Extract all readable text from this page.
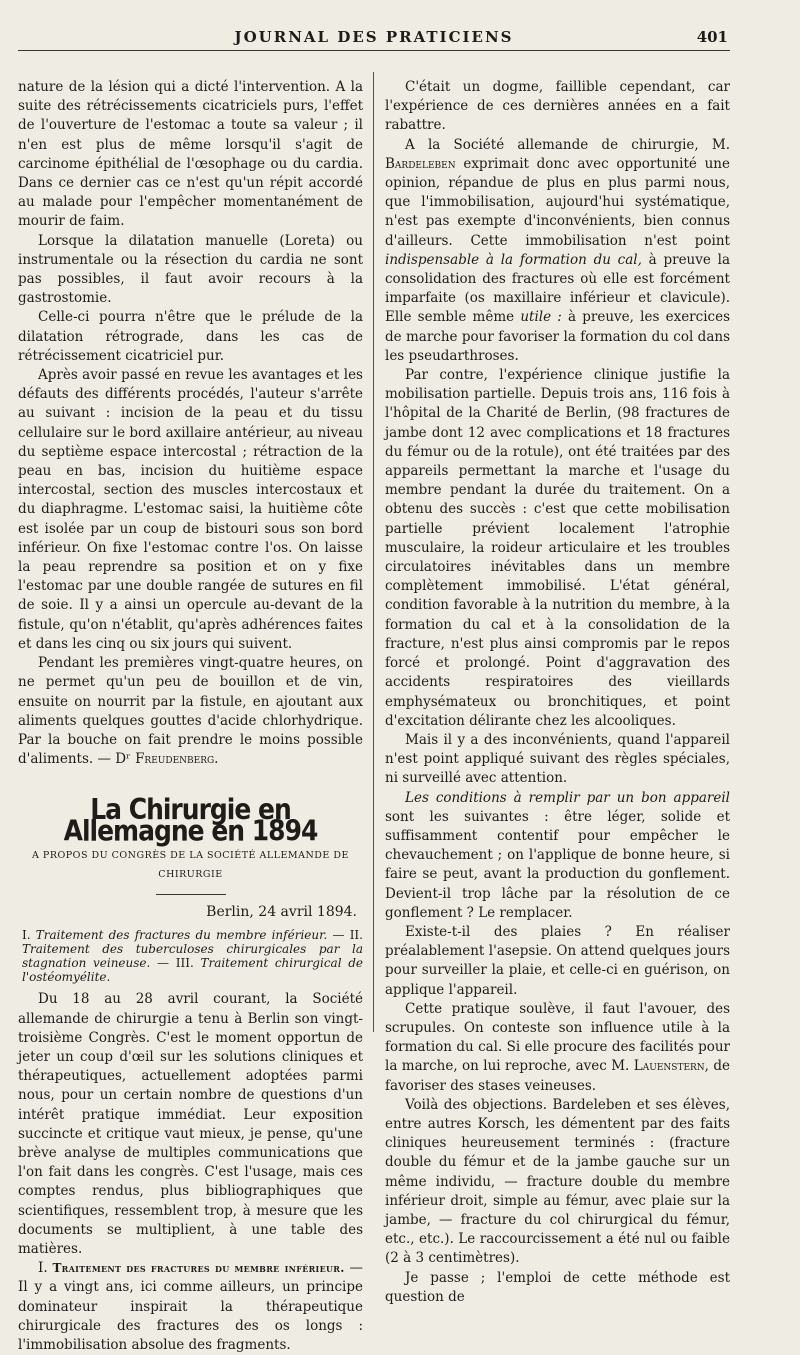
JOURNAL DES PRATICIENS	401

nature de la lésion qui a dicté l'intervention. A la suite des rétrécissements cicatriciels purs, l'effet de l'ouverture de l'estomac a toute sa valeur ; il n'en est plus de même lorsqu'il s'agit de carcinome épithélial de l'œsophage ou du cardia. Dans ce dernier cas ce n'est qu'un répit accordé au malade pour l'empêcher momentanément de mourir de faim.

Lorsque la dilatation manuelle (Loreta) ou instrumentale ou la résection du cardia ne sont pas possibles, il faut avoir recours à la gastrostomie.

Celle-ci pourra n'être que le prélude de la dilatation rétrograde, dans les cas de rétrécissement cicatriciel pur.

Après avoir passé en revue les avantages et les défauts des différents procédés, l'auteur s'arrête au suivant : incision de la peau et du tissu cellulaire sur le bord axillaire antérieur, au niveau du septième espace intercostal ; rétraction de la peau en bas, incision du huitième espace intercostal, section des muscles intercostaux et du diaphragme. L'estomac saisi, la huitième côte est isolée par un coup de bistouri sous son bord inférieur. On fixe l'estomac contre l'os. On laisse la peau reprendre sa position et on y fixe l'estomac par une double rangée de sutures en fil de soie. Il y a ainsi un opercule au-devant de la fistule, qu'on n'établit, qu'après adhérences faites et dans les cinq ou six jours qui suivent.

Pendant les premières vingt-quatre heures, on ne permet qu'un peu de bouillon et de vin, ensuite on nourrit par la fistule, en ajoutant aux aliments quelques gouttes d'acide chlorhydrique. Par la bouche on fait prendre le moins possible d'aliments. — Dʳ Freudenberg.

La Chirurgie en Allemagne en 1894
A PROPOS DU CONGRÈS DE LA SOCIÉTÉ ALLEMANDE DE CHIRURGIE
Berlin, 24 avril 1894.
I. Traitement des fractures du membre inférieur. — II. Traitement des tuberculoses chirurgicales par la stagnation veineuse. — III. Traitement chirurgical de l'ostéomyélite.

Du 18 au 28 avril courant, la Société allemande de chirurgie a tenu à Berlin son vingt-troisième Congrès. C'est le moment opportun de jeter un coup d'œil sur les solutions cliniques et thérapeutiques, actuellement adoptées parmi nous, pour un certain nombre de questions d'un intérêt pratique immédiat. Leur exposition succincte et critique vaut mieux, je pense, qu'une brève analyse de multiples communications que l'on fait dans les congrès. C'est l'usage, mais ces comptes rendus, plus bibliographiques que scientifiques, ressemblent trop, à mesure que les documents se multiplient, à une table des matières.

I. Traitement des fractures du membre inférieur. — Il y a vingt ans, ici comme ailleurs, un principe dominateur inspirait la thérapeutique chirurgicale des fractures des os longs : l'immobilisation absolue des fragments.

C'était un dogme, faillible cependant, car l'expérience de ces dernières années en a fait rabattre.

A la Société allemande de chirurgie, M. Bardeleben exprimait donc avec opportunité une opinion, répandue de plus en plus parmi nous, que l'immobilisation, aujourd'hui systématique, n'est pas exempte d'inconvénients, bien connus d'ailleurs. Cette immobilisation n'est point indispensable à la formation du cal, à preuve la consolidation des fractures où elle est forcément imparfaite (os maxillaire inférieur et clavicule). Elle semble même utile : à preuve, les exercices de marche pour favoriser la formation du col dans les pseudarthroses.

Par contre, l'expérience clinique justifie la mobilisation partielle. Depuis trois ans, 116 fois à l'hôpital de la Charité de Berlin, (98 fractures de jambe dont 12 avec complications et 18 fractures du fémur ou de la rotule), ont été traitées par des appareils permettant la marche et l'usage du membre pendant la durée du traitement. On a obtenu des succès : c'est que cette mobilisation partielle prévient localement l'atrophie musculaire, la roideur articulaire et les troubles circulatoires inévitables dans un membre complètement immobilisé. L'état général, condition favorable à la nutrition du membre, à la formation du cal et à la consolidation de la fracture, n'est plus ainsi compromis par le repos forcé et prolongé. Point d'aggravation des accidents respiratoires des vieillards emphysémateux ou bronchitiques, et point d'excitation délirante chez les alcooliques.

Mais il y a des inconvénients, quand l'appareil n'est point appliqué suivant des règles spéciales, ni surveillé avec attention.

Les conditions à remplir par un bon appareil sont les suivantes : être léger, solide et suffisamment contentif pour empêcher le chevauchement ; on l'applique de bonne heure, si faire se peut, avant la production du gonflement. Devient-il trop lâche par la résolution de ce gonflement ? Le remplacer.

Existe-t-il des plaies ? En réaliser préalablement l'asepsie. On attend quelques jours pour surveiller la plaie, et celle-ci en guérison, on applique l'appareil.

Cette pratique soulève, il faut l'avouer, des scrupules. On conteste son influence utile à la formation du cal. Si elle procure des facilités pour la marche, on lui reproche, avec M. Lauenstern, de favoriser des stases veineuses.

Voilà des objections. Bardeleben et ses élèves, entre autres Korsch, les démentent par des faits cliniques heureusement terminés : (fracture double du fémur et de la jambe gauche sur un même individu, — fracture double du membre inférieur droit, simple au fémur, avec plaie sur la jambe, — fracture du col chirurgical du fémur, etc., etc.). Le raccourcissement a été nul ou faible (2 à 3 centimètres).

Je passe ; l'emploi de cette méthode est question de
